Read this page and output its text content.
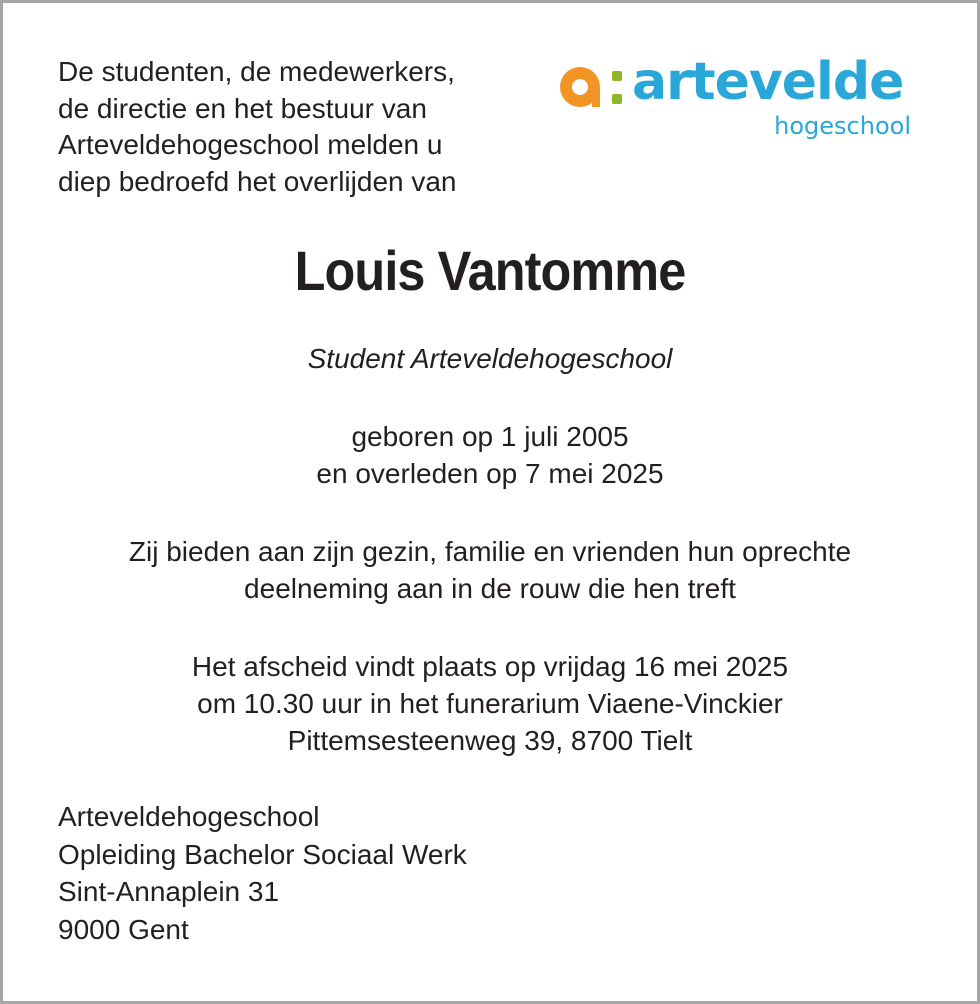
De studenten, de medewerkers,
de directie en het bestuur van
Arteveldehogeschool melden u
diep bedroefd het overlijden van
artevelde
hogeschool
Louis Vantomme
Student Arteveldehogeschool
geboren op 1 juli 2005
en overleden op 7 mei 2025
Zij bieden aan zijn gezin, familie en vrienden hun oprechte
deelneming aan in de rouw die hen treft
Het afscheid vindt plaats op vrijdag 16 mei 2025
om 10.30 uur in het funerarium Viaene-Vinckier
Pittemsesteenweg 39, 8700 Tielt
Arteveldehogeschool
Opleiding Bachelor Sociaal Werk
Sint-Annaplein 31
9000 Gent
